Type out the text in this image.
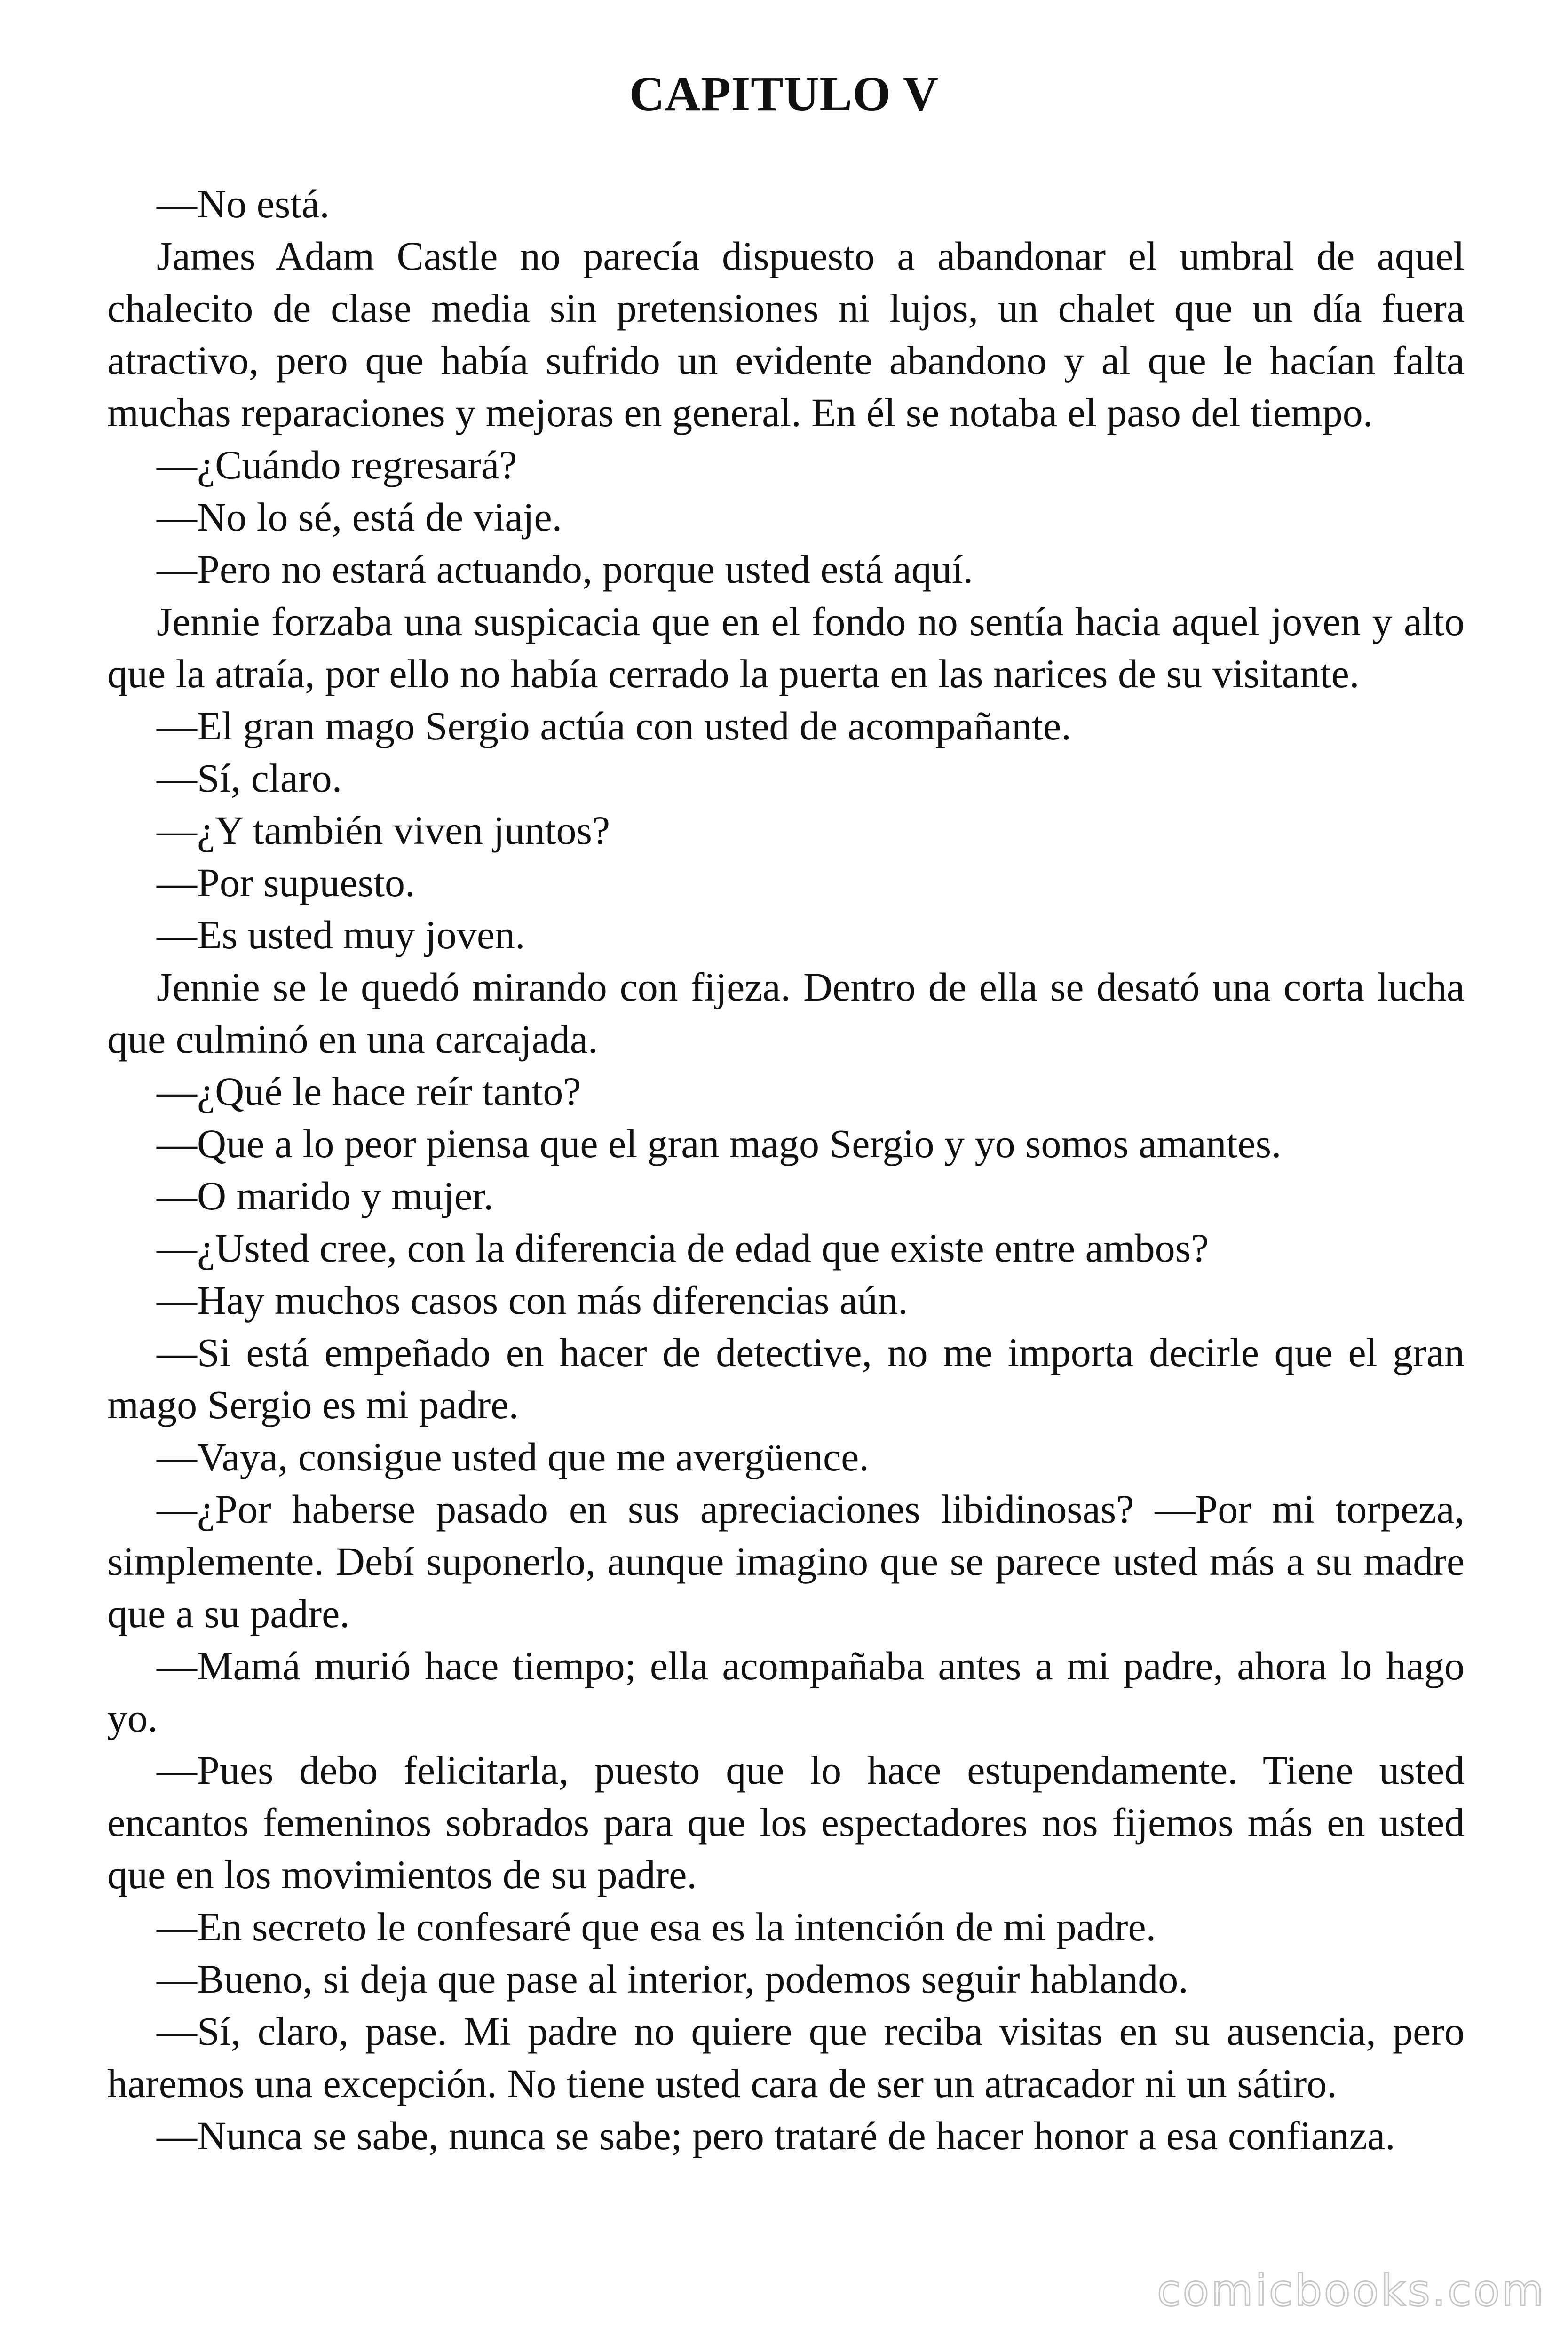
CAPITULO V

—No está.

James Adam Castle no parecía dispuesto a abandonar el umbral de aquel chalecito de clase media sin pretensiones ni lujos, un chalet que un día fuera atractivo, pero que había sufrido un evidente abandono y al que le hacían falta muchas reparaciones y mejoras en general. En él se notaba el paso del tiempo.

—¿Cuándo regresará?

—No lo sé, está de viaje.

—Pero no estará actuando, porque usted está aquí.

Jennie forzaba una suspicacia que en el fondo no sentía hacia aquel joven y alto que la atraía, por ello no había cerrado la puerta en las narices de su visitante.

—El gran mago Sergio actúa con usted de acompañante.

—Sí, claro.

—¿Y también viven juntos?

—Por supuesto.

—Es usted muy joven.

Jennie se le quedó mirando con fijeza. Dentro de ella se desató una corta lucha que culminó en una carcajada.

—¿Qué le hace reír tanto?

—Que a lo peor piensa que el gran mago Sergio y yo somos amantes.

—O marido y mujer.

—¿Usted cree, con la diferencia de edad que existe entre ambos?

—Hay muchos casos con más diferencias aún.

—Si está empeñado en hacer de detective, no me importa decirle que el gran mago Sergio es mi padre.

—Vaya, consigue usted que me avergüence.

—¿Por haberse pasado en sus apreciaciones libidinosas? —Por mi torpeza, simplemente. Debí suponerlo, aunque imagino que se parece usted más a su madre que a su padre.

—Mamá murió hace tiempo; ella acompañaba antes a mi padre, ahora lo hago yo.

—Pues debo felicitarla, puesto que lo hace estupendamente. Tiene usted encantos femeninos sobrados para que los espectadores nos fijemos más en usted que en los movimientos de su padre.

—En secreto le confesaré que esa es la intención de mi padre.

—Bueno, si deja que pase al interior, podemos seguir hablando.

—Sí, claro, pase. Mi padre no quiere que reciba visitas en su ausencia, pero haremos una excepción. No tiene usted cara de ser un atracador ni un sátiro.

—Nunca se sabe, nunca se sabe; pero trataré de hacer honor a esa confianza.

comicbooks.com
